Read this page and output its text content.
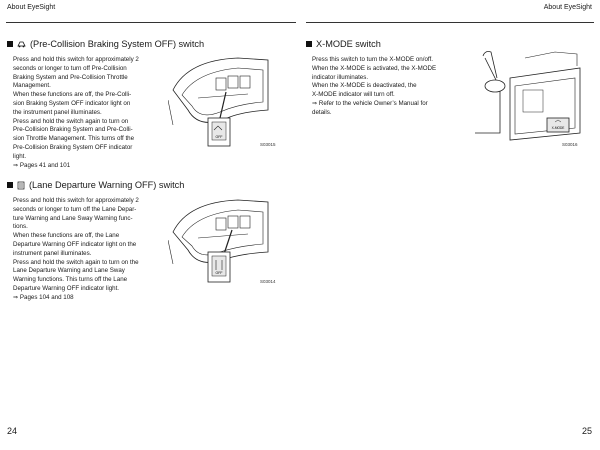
About EyeSight	About EyeSight
(Pre-Collision Braking System OFF) switch

Press and hold this switch for approximately 2

seconds or longer to turn off Pre-Collision

Braking System and Pre-Collision Throttle

Management.

When these functions are off, the Pre-Colli-

sion Braking System OFF indicator light on

the instrument panel illuminates.

Press and hold the switch again to turn on

Pre-Collision Braking System and Pre-Colli-

sion Throttle Management. This turns off the

Pre-Collision Braking System OFF indicator

light.

⇒ Pages 41 and 101

OFF
S03015
(Lane Departure Warning OFF) switch

Press and hold this switch for approximately 2

seconds or longer to turn off the Lane Depar-

ture Warning and Lane Sway Warning func-

tions.

When these functions are off, the Lane

Departure Warning OFF indicator light on the

instrument panel illuminates.

Press and hold the switch again to turn on the

Lane Departure Warning and Lane Sway

Warning functions. This turns off the Lane

Departure Warning OFF indicator light.

⇒ Pages 104 and 108

OFF
S03014
X-MODE switch

Press this switch to turn the X-MODE on/off.

When the X-MODE is activated, the X-MODE

indicator illuminates.

When the X-MODE is deactivated, the

X-MODE indicator will turn off.

⇒ Refer to the vehicle Owner’s Manual for

details.

X-MODE
S03016
24	25
